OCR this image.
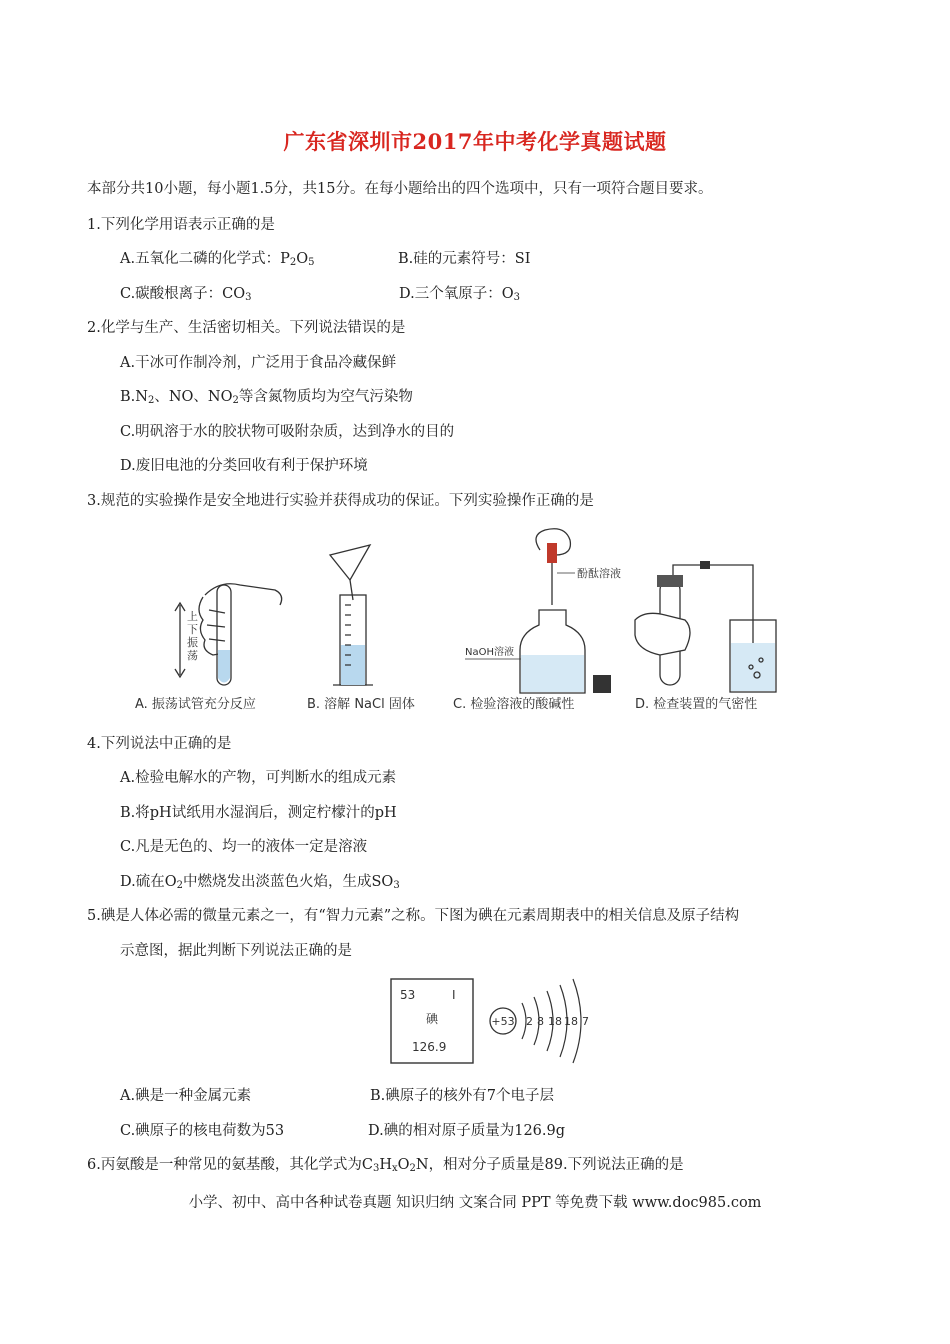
广东省深圳市2017年中考化学真题试题
本部分共10小题，每小题1.5分，共15分。在每小题给出的四个选项中，只有一项符合题目要求。
1.下列化学用语表示正确的是
A.五氧化二磷的化学式：$P_2O_5$	B.硅的元素符号：SI
C.碳酸根离子：$CO_3$	D.三个氧原子：$O_3$
2.化学与生产、生活密切相关。下列说法错误的是
A.干冰可作制冷剂，广泛用于食品冷藏保鲜
$B.N_2$、NO、$NO_2$等含氮物质均为空气污染物
C.明矾溶于水的胶状物可吸附杂质，达到净水的目的
D.废旧电池的分类回收有利于保护环境
3.规范的实验操作是安全地进行实验并获得成功的保证。下列实验操作正确的是
上下振荡
酚酞溶液
NaOH溶液
A. 振荡试管充分反应	B. 溶解 NaCl 固体	C. 检验溶液的酸碱性	D. 检查装置的气密性
4.下列说法中正确的是
A.检验电解水的产物，可判断水的组成元素
B.将pH试纸用水湿润后，测定柠檬汁的pH
C.凡是无色的、均一的液体一定是溶液
D.硫在$O_2$中燃烧发出淡蓝色火焰，生成$SO_3$
5.碘是人体必需的微量元素之一，有“智力元素”之称。下图为碘在元素周期表中的相关信息及原子结构
示意图，据此判断下列说法正确的是
53	I
碘
126.9
+53 2 8 18 18 7
A.碘是一种金属元素	B.碘原子的核外有7个电子层
C.碘原子的核电荷数为53	D.碘的相对原子质量为126.9g
6.丙氨酸是一种常见的氨基酸，其化学式为$C_3H_xO_2N$，相对分子质量是89.下列说法正确的是
小学、初中、高中各种试卷真题 知识归纳 文案合同 PPT 等免费下载 www.doc985.com
